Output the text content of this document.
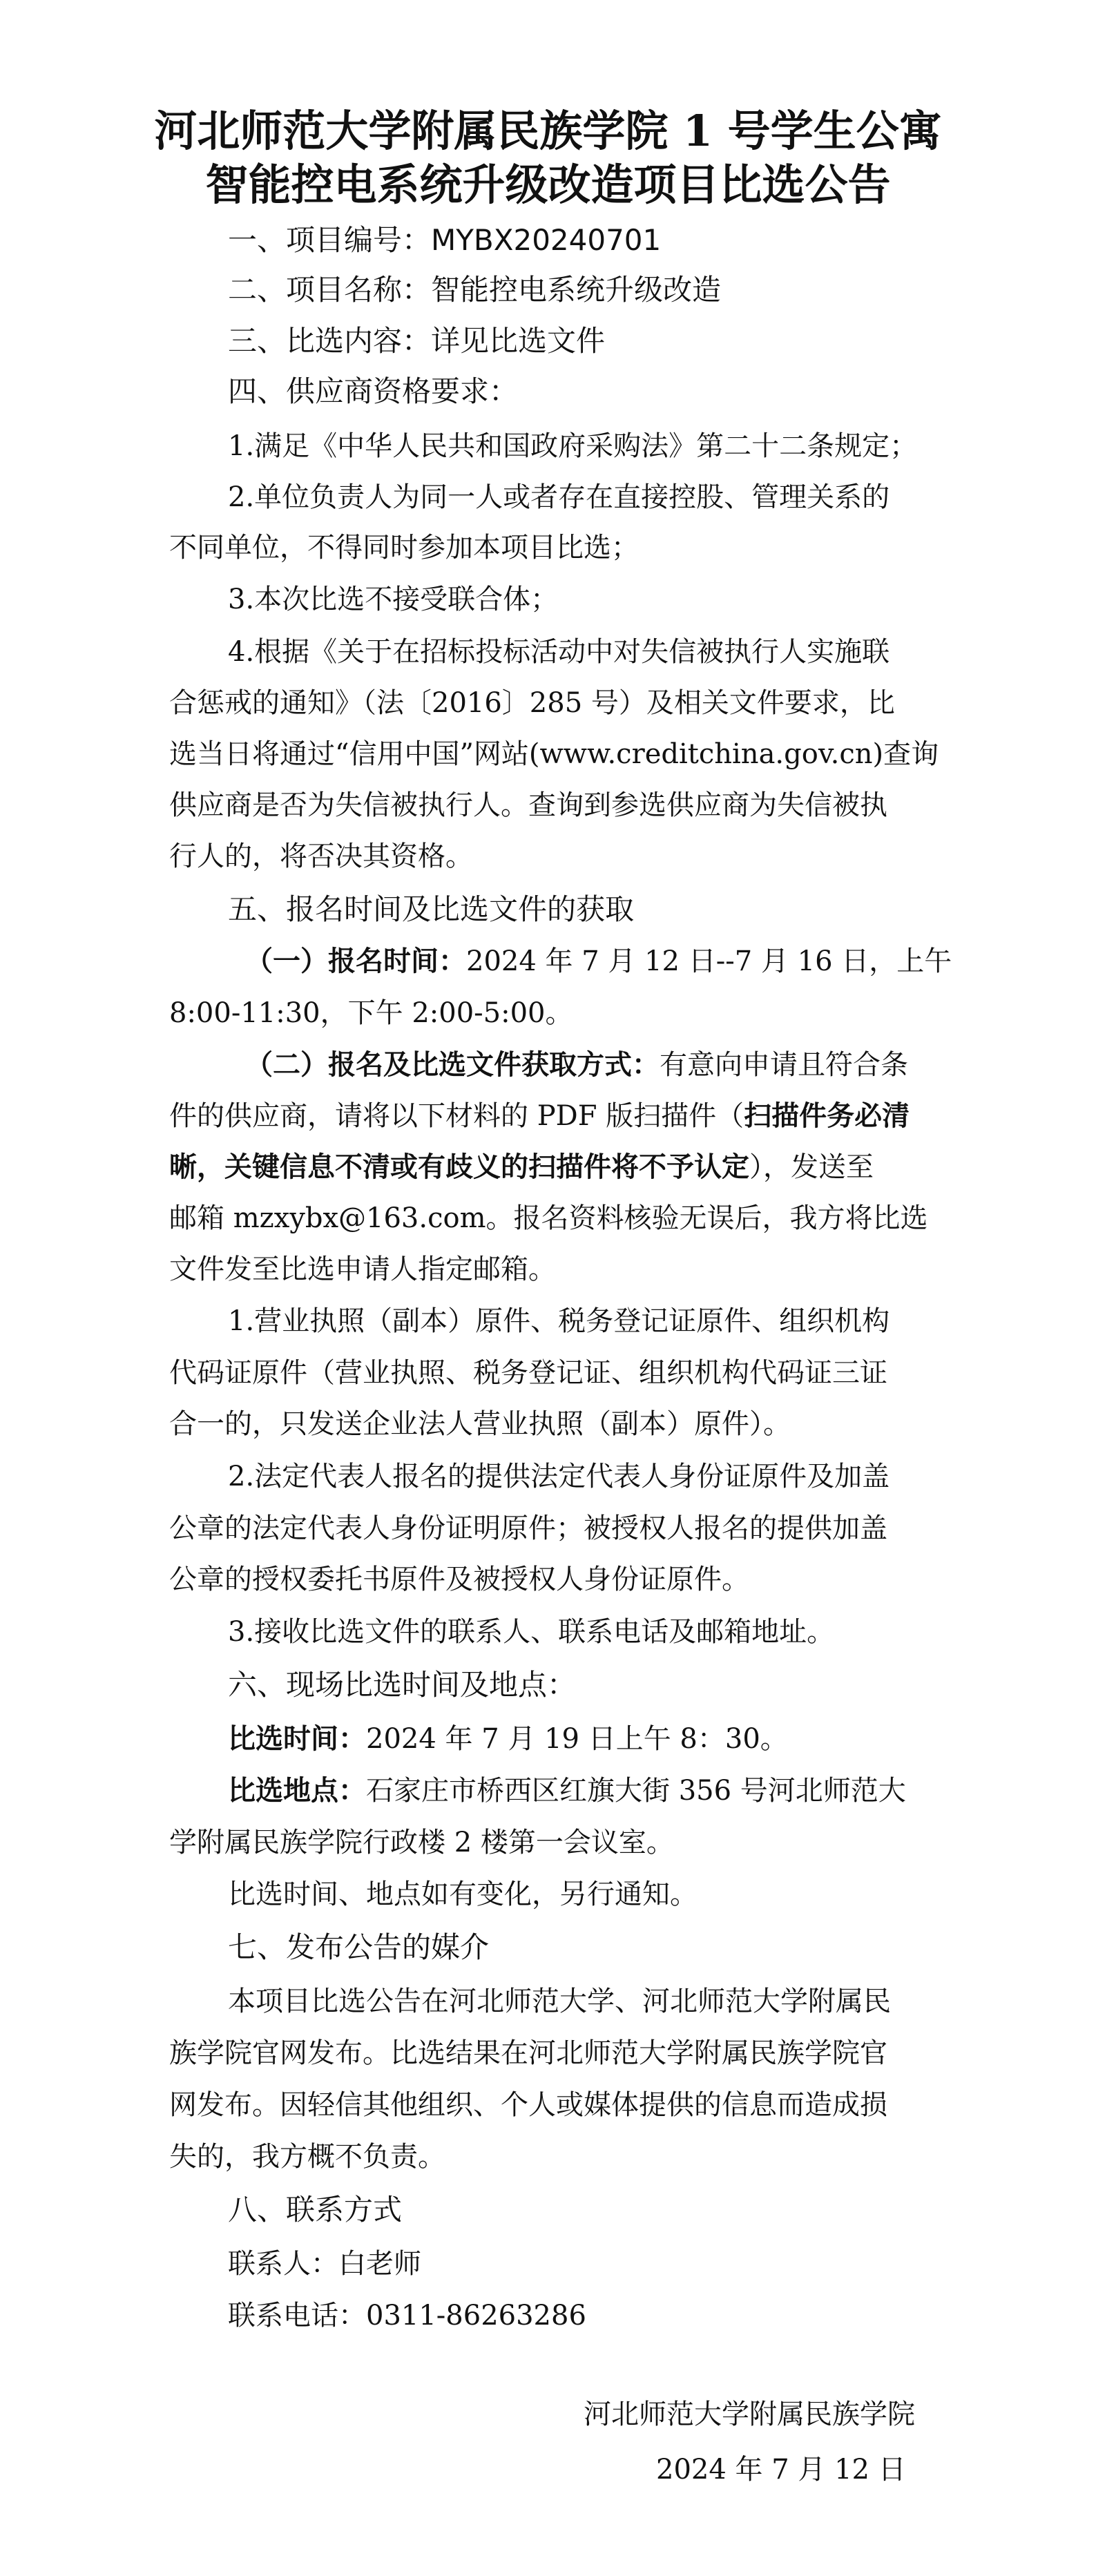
河北师范大学附属民族学院 1 号学生公寓
智能控电系统升级改造项目比选公告

一、项目编号：MYBX20240701

二、项目名称：智能控电系统升级改造

三、比选内容：详见比选文件

四、供应商资格要求：

1.满足《中华人民共和国政府采购法》第二十二条规定；

2.单位负责人为同一人或者存在直接控股、管理关系的

不同单位，不得同时参加本项目比选；

3.本次比选不接受联合体；

4.根据《关于在招标投标活动中对失信被执行人实施联

合惩戒的通知》（法〔2016〕285 号）及相关文件要求，比

选当日将通过“信用中国”网站(www.creditchina.gov.cn)查询

供应商是否为失信被执行人。查询到参选供应商为失信被执

行人的，将否决其资格。

五、报名时间及比选文件的获取

（一）报名时间：2024 年 7 月 12 日--7 月 16 日，上午

8:00-11:30，下午 2:00-5:00。

（二）报名及比选文件获取方式：有意向申请且符合条

件的供应商，请将以下材料的 PDF 版扫描件（扫描件务必清

晰，关键信息不清或有歧义的扫描件将不予认定），发送至

邮箱 mzxybx@163.com。报名资料核验无误后，我方将比选

文件发至比选申请人指定邮箱。

1.营业执照（副本）原件、税务登记证原件、组织机构

代码证原件（营业执照、税务登记证、组织机构代码证三证

合一的，只发送企业法人营业执照（副本）原件）。

2.法定代表人报名的提供法定代表人身份证原件及加盖

公章的法定代表人身份证明原件；被授权人报名的提供加盖

公章的授权委托书原件及被授权人身份证原件。

3.接收比选文件的联系人、联系电话及邮箱地址。

六、现场比选时间及地点：

比选时间：2024 年 7 月 19 日上午 8：30。

比选地点：石家庄市桥西区红旗大街 356 号河北师范大

学附属民族学院行政楼 2 楼第一会议室。

比选时间、地点如有变化，另行通知。

七、发布公告的媒介

本项目比选公告在河北师范大学、河北师范大学附属民

族学院官网发布。比选结果在河北师范大学附属民族学院官

网发布。因轻信其他组织、个人或媒体提供的信息而造成损

失的，我方概不负责。

八、联系方式

联系人：白老师

联系电话：0311-86263286

河北师范大学附属民族学院

2024 年 7 月 12 日
